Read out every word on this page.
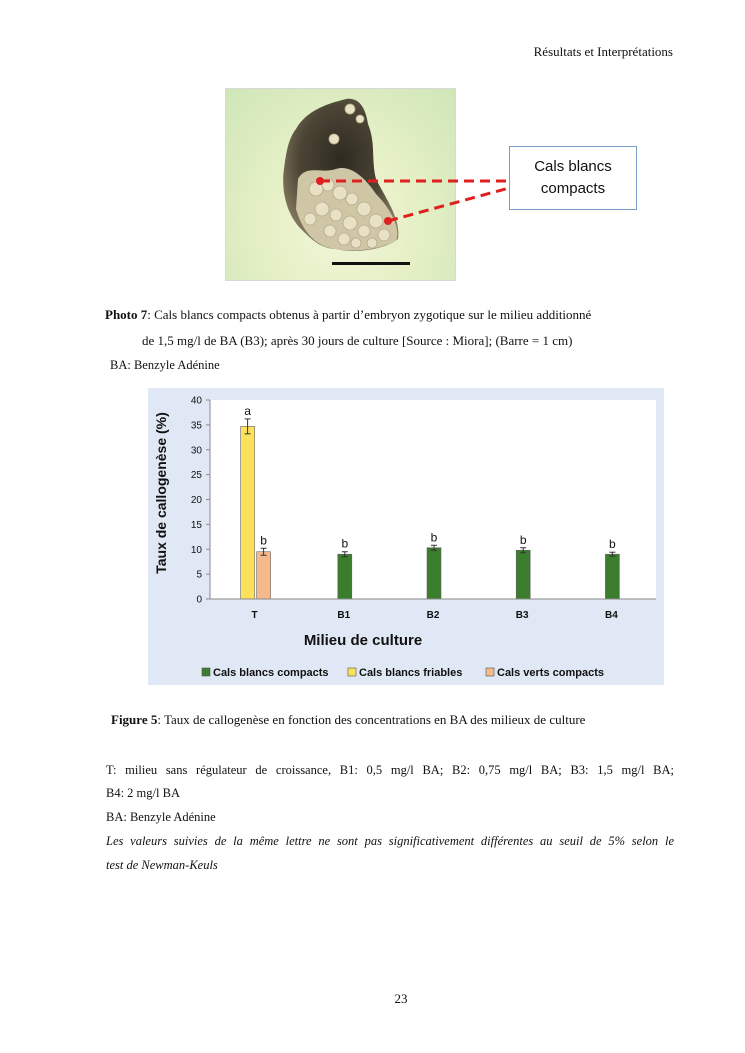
Résultats et Interprétations
Cals blancs
compacts
Photo 7: Cals blancs compacts obtenus à partir d’embryon zygotique sur le milieu additionné
de 1,5 mg/l de BA (B3); après 30 jours de culture [Source : Miora]; (Barre = 1 cm)
BA: Benzyle Adénine
0
5
10
15
20
25
30
35
40
T
a
b
B1
b
B2
b
B3
b
B4
b
Milieu de culture
Taux de callogenèse (%)
Cals blancs compacts	Cals blancs friables	Cals verts compacts
Figure 5: Taux de callogenèse en fonction des concentrations en BA des milieux de culture
T: milieu sans régulateur de croissance, B1: 0,5 mg/l BA; B2: 0,75 mg/l BA; B3: 1,5 mg/l BA;
B4: 2 mg/l BA
BA: Benzyle Adénine
Les valeurs suivies de la même lettre ne sont pas significativement différentes au seuil de 5% selon le
test de Newman-Keuls
23
